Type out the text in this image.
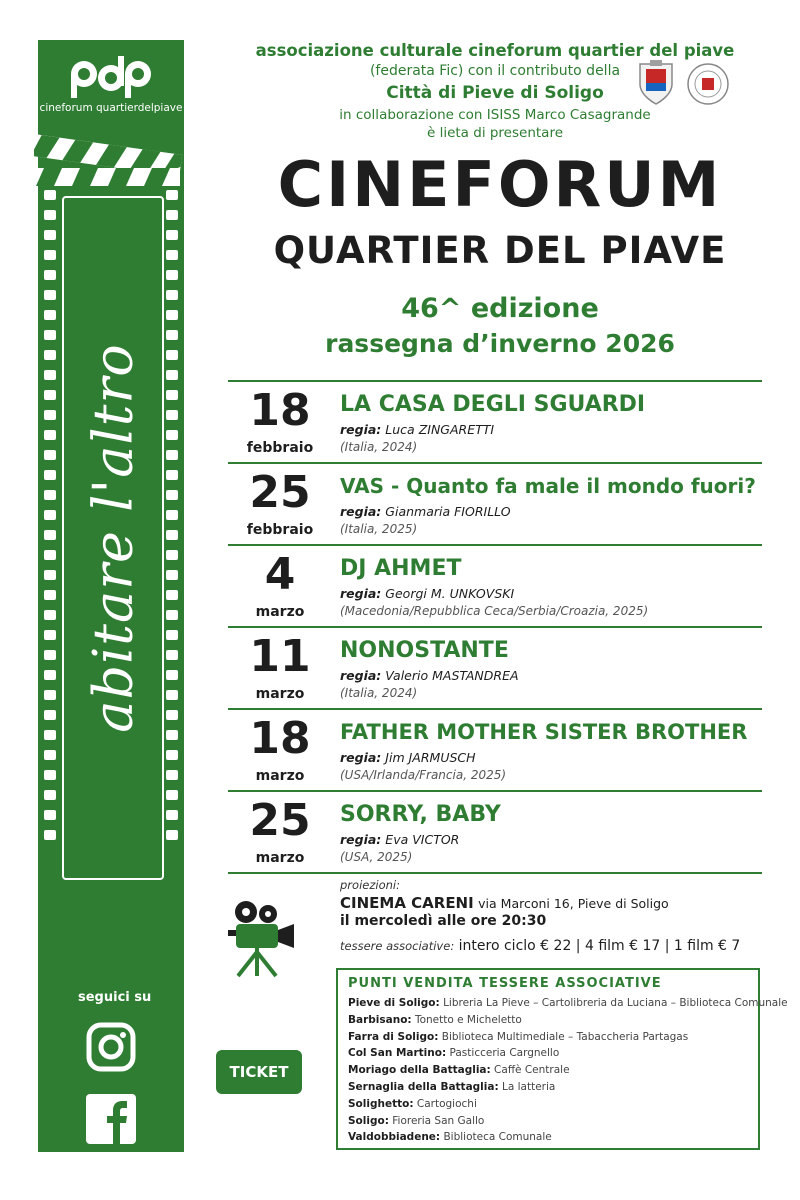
cineforum quartierdelpiave
abitare l'altro
seguici su

associazione culturale cineforum quartier del piave

(federata Fic) con il contributo della

Città di Pieve di Soligo

in collaborazione con ISISS Marco Casagrande

è lieta di presentare

CINEFORUM
QUARTIER DEL PIAVE
46^ edizione
rassegna d’inverno 2026
18
febbraio
LA CASA DEGLI SGUARDI
regia: Luca ZINGARETTI
(Italia, 2024)
25
febbraio
VAS - Quanto fa male il mondo fuori?
regia: Gianmaria FIORILLO
(Italia, 2025)
4
marzo
DJ AHMET
regia: Georgi M. UNKOVSKI
(Macedonia/Repubblica Ceca/Serbia/Croazia, 2025)
11
marzo
NONOSTANTE
regia: Valerio MASTANDREA
(Italia, 2024)
18
marzo
FATHER MOTHER SISTER BROTHER
regia: Jim JARMUSCH
(USA/Irlanda/Francia, 2025)
25
marzo
SORRY, BABY
regia: Eva VICTOR
(USA, 2025)
proiezioni:
CINEMA CARENI via Marconi 16, Pieve di Soligo
il mercoledì alle ore 20:30
tessere associative: intero ciclo € 22 | 4 film € 17 | 1 film € 7
TICKET
PUNTI VENDITA TESSERE ASSOCIATIVE
Pieve di Soligo: Libreria La Pieve – Cartolibreria da Luciana – Biblioteca Comunale
Barbisano: Tonetto e Micheletto
Farra di Soligo: Biblioteca Multimediale – Tabaccheria Partagas
Col San Martino: Pasticceria Cargnello
Moriago della Battaglia: Caffè Centrale
Sernaglia della Battaglia: La latteria
Solighetto: Cartogiochi
Soligo: Fioreria San Gallo
Valdobbiadene: Biblioteca Comunale
